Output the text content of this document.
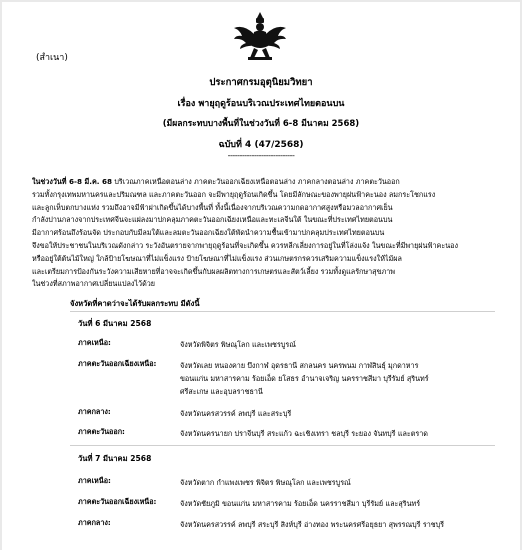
(สำเนา)
ประกาศกรมอุตุนิยมวิทยา
เรื่อง พายุฤดูร้อนบริเวณประเทศไทยตอนบน
(มีผลกระทบบางพื้นที่ในช่วงวันที่ 6-8 มีนาคม 2568)
ฉบับที่ 4 (47/2568)
----------------------------
ในช่วงวันที่ 6-8 มี.ค. 68 บริเวณภาคเหนือตอนล่าง ภาคตะวันออกเฉียงเหนือตอนล่าง ภาคกลางตอนล่าง ภาคตะวันออก
รวมทั้งกรุงเทพมหานครและปริมณฑล และภาคตะวันออก จะมีพายุฤดูร้อนเกิดขึ้น โดยมีลักษณะของพายุฝนฟ้าคะนอง ลมกระโชกแรง
และลูกเห็บตกบางแห่ง รวมถึงอาจมีฟ้าผ่าเกิดขึ้นได้บางพื้นที่ ทั้งนี้เนื่องจากบริเวณความกดอากาศสูงหรือมวลอากาศเย็น
กำลังปานกลางจากประเทศจีนจะแผ่ลงมาปกคลุมภาคตะวันออกเฉียงเหนือและทะเลจีนใต้ ในขณะที่ประเทศไทยตอนบน
มีอากาศร้อนถึงร้อนจัด ประกอบกับมีลมใต้และลมตะวันออกเฉียงใต้พัดนำความชื้นเข้ามาปกคลุมประเทศไทยตอนบน
จึงขอให้ประชาชนในบริเวณดังกล่าว ระวังอันตรายจากพายุฤดูร้อนที่จะเกิดขึ้น ควรหลีกเลี่ยงการอยู่ในที่โล่งแจ้ง ในขณะที่มีพายุฝนฟ้าคะนอง
หรืออยู่ใต้ต้นไม้ใหญ่ ใกล้ป้ายโฆษณาที่ไม่แข็งแรง ป้ายโฆษณาที่ไม่แข็งแรง ส่วนเกษตรกรควรเสริมความแข็งแรงให้ไม้ผล
และเตรียมการป้องกันระวังความเสียหายที่อาจจะเกิดขึ้นกับผลผลิตทางการเกษตรและสัตว์เลี้ยง รวมทั้งดูแลรักษาสุขภาพ
ในช่วงที่สภาพอากาศเปลี่ยนแปลงไว้ด้วย
จังหวัดที่คาดว่าจะได้รับผลกระทบ มีดังนี้
วันที่ 6 มีนาคม 2568
ภาคเหนือ:	จังหวัดพิจิตร พิษณุโลก และเพชรบูรณ์
ภาคตะวันออกเฉียงเหนือ:	จังหวัดเลย หนองคาย บึงกาฬ อุดรธานี สกลนคร นครพนม กาฬสินธุ์ มุกดาหาร
ขอนแก่น มหาสารคาม ร้อยเอ็ด ยโสธร อำนาจเจริญ นครราชสีมา บุรีรัมย์ สุรินทร์
ศรีสะเกษ และอุบลราชธานี
ภาคกลาง:	จังหวัดนครสวรรค์ ลพบุรี และสระบุรี
ภาคตะวันออก:	จังหวัดนครนายก ปราจีนบุรี สระแก้ว ฉะเชิงเทรา ชลบุรี ระยอง จันทบุรี และตราด
วันที่ 7 มีนาคม 2568
ภาคเหนือ:	จังหวัดตาก กำแพงเพชร พิจิตร พิษณุโลก และเพชรบูรณ์
ภาคตะวันออกเฉียงเหนือ:	จังหวัดชัยภูมิ ขอนแก่น มหาสารคาม ร้อยเอ็ด นครราชสีมา บุรีรัมย์ และสุรินทร์
ภาคกลาง:	จังหวัดนครสวรรค์ ลพบุรี สระบุรี สิงห์บุรี อ่างทอง พระนครศรีอยุธยา สุพรรณบุรี ราชบุรี
